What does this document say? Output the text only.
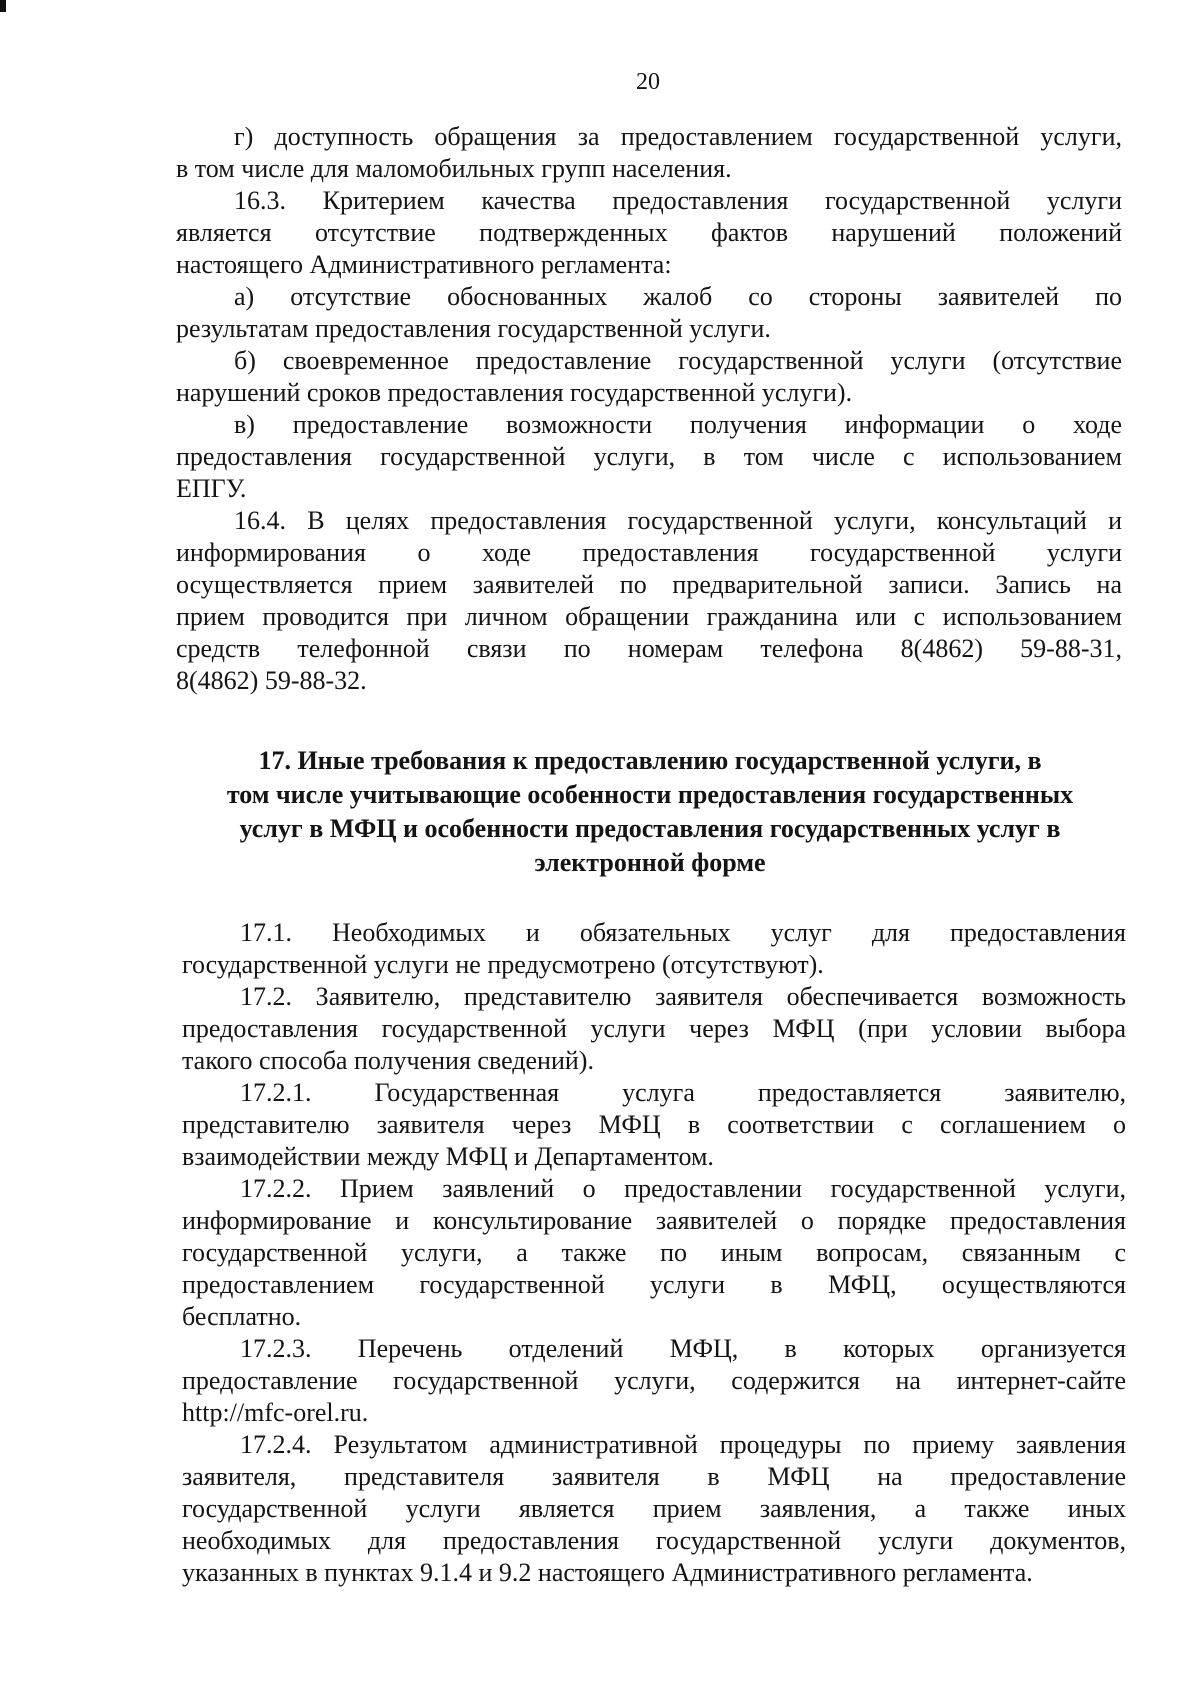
20
г) доступность обращения за предоставлением государственной услуги,
в том числе для маломобильных групп населения.
16.3. Критерием качества предоставления государственной услуги
является отсутствие подтвержденных фактов нарушений положений
настоящего Административного регламента:
а) отсутствие обоснованных жалоб со стороны заявителей по
результатам предоставления государственной услуги.
б) своевременное предоставление государственной услуги (отсутствие
нарушений сроков предоставления государственной услуги).
в) предоставление возможности получения информации о ходе
предоставления государственной услуги, в том числе с использованием
ЕПГУ.
16.4. В целях предоставления государственной услуги, консультаций и
информирования о ходе предоставления государственной услуги
осуществляется прием заявителей по предварительной записи. Запись на
прием проводится при личном обращении гражданина или с использованием
средств телефонной связи по номерам телефона 8(4862) 59-88-31,
8(4862) 59-88-32.
17. Иные требования к предоставлению государственной услуги, в
том числе учитывающие особенности предоставления государственных
услуг в МФЦ и особенности предоставления государственных услуг в
электронной форме
17.1. Необходимых и обязательных услуг для предоставления
государственной услуги не предусмотрено (отсутствуют).
17.2. Заявителю, представителю заявителя обеспечивается возможность
предоставления государственной услуги через МФЦ (при условии выбора
такого способа получения сведений).
17.2.1. Государственная услуга предоставляется заявителю,
представителю заявителя через МФЦ в соответствии с соглашением о
взаимодействии между МФЦ и Департаментом.
17.2.2. Прием заявлений о предоставлении государственной услуги,
информирование и консультирование заявителей о порядке предоставления
государственной услуги, а также по иным вопросам, связанным с
предоставлением государственной услуги в МФЦ, осуществляются
бесплатно.
17.2.3. Перечень отделений МФЦ, в которых организуется
предоставление государственной услуги, содержится на интернет-сайте
http://mfc-orel.ru.
17.2.4. Результатом административной процедуры по приему заявления
заявителя, представителя заявителя в МФЦ на предоставление
государственной услуги является прием заявления, а также иных
необходимых для предоставления государственной услуги документов,
указанных в пунктах 9.1.4 и 9.2 настоящего Административного регламента.
